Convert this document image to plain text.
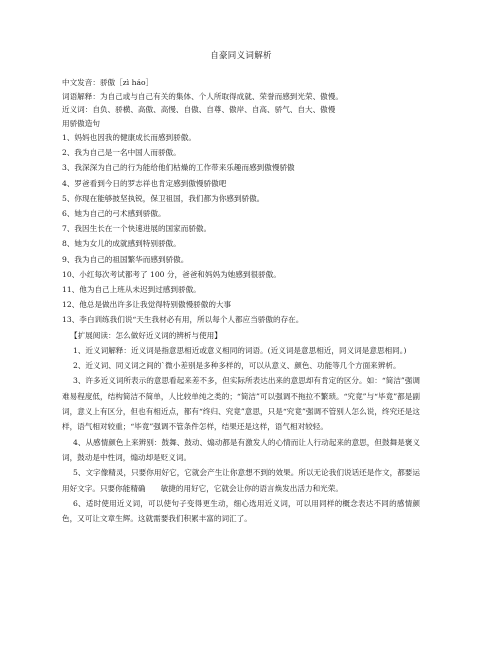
自豪同义词解析
中文发音：骄傲［zì háo］
词语解释：为自己或与自己有关的集体、个人所取得成就、荣誉而感到光荣、傲慢。
近义词：自负、骄横、高傲、高慢、自傲、自尊、傲岸、自高、骄气、自大、傲慢
用骄傲造句
1、妈妈也因我的健康成长而感到骄傲。
2、我为自己是一名中国人而骄傲。
3、我深深为自己的行为能给他们枯燥的工作带来乐趣而感到傲慢骄傲
4、罗爸看到今日的罗志祥也肯定感到傲慢骄傲吧
5、你现在能够披坚执锐，保卫祖国，我们都为你感到骄傲。
6、她为自己的弓术感到骄傲。
7、我因生长在一个快速进展的国家而骄傲。
8、她为女儿的成就感到特别骄傲。
9、我为自己的祖国繁华而感到骄傲。
10、小红每次考试都考了 100 分，爸爸和妈妈为她感到很骄傲。
11、他为自己上班从未迟到过感到骄傲。
12、他总是做出许多让我觉得特别傲慢骄傲的大事
13、李白训练我们说“天生我材必有用，所以每个人都应当骄傲的存在。
【扩展阅读：怎么做好近义词的辨析与使用】

1、近义词解释：近义词是指意思相近或意义相同的词语。(近义词是意思相近，同义词是意思相同。)

2、近义词、同义词之间的`微小差别是多种多样的，可以从意义、颜色、功能等几个方面来辨析。

3、许多近义词所表示的意思看起来差不多，但实际所表达出来的意思却有肯定的区分。如：“简洁”强调难易程度低，结构简洁不简单，人比较单纯之类的；“简洁”可以强调不拖拉不繁琐。“究竟”与“毕竟”都是副词，意义上有区分，但也有相近点，都有“终归、究竟”意思，只是“究竟”强调不管别人怎么说，终究还是这样，语气相对较重；“毕竟”强调不管条件怎样，结果还是这样，语气相对较轻。

4、从感情颜色上来辨别：鼓舞、鼓动、煽动都是有激发人的心情而让人行动起来的意思，但鼓舞是褒义词，鼓动是中性词，煽动却是贬义词。

5、文字像精灵，只要你用好它，它就会产生让你意想不到的效果。所以无论我们说话还是作文，都要运用好文字。只要你能精确　　敏捷的用好它，它就会让你的语言焕发出活力和光荣。

6、适时使用近义词，可以使句子变得更生动，细心选用近义词，可以用同样的概念表达不同的感情颜色，又可让文章生辉。这就需要我们积累丰富的词汇了。
